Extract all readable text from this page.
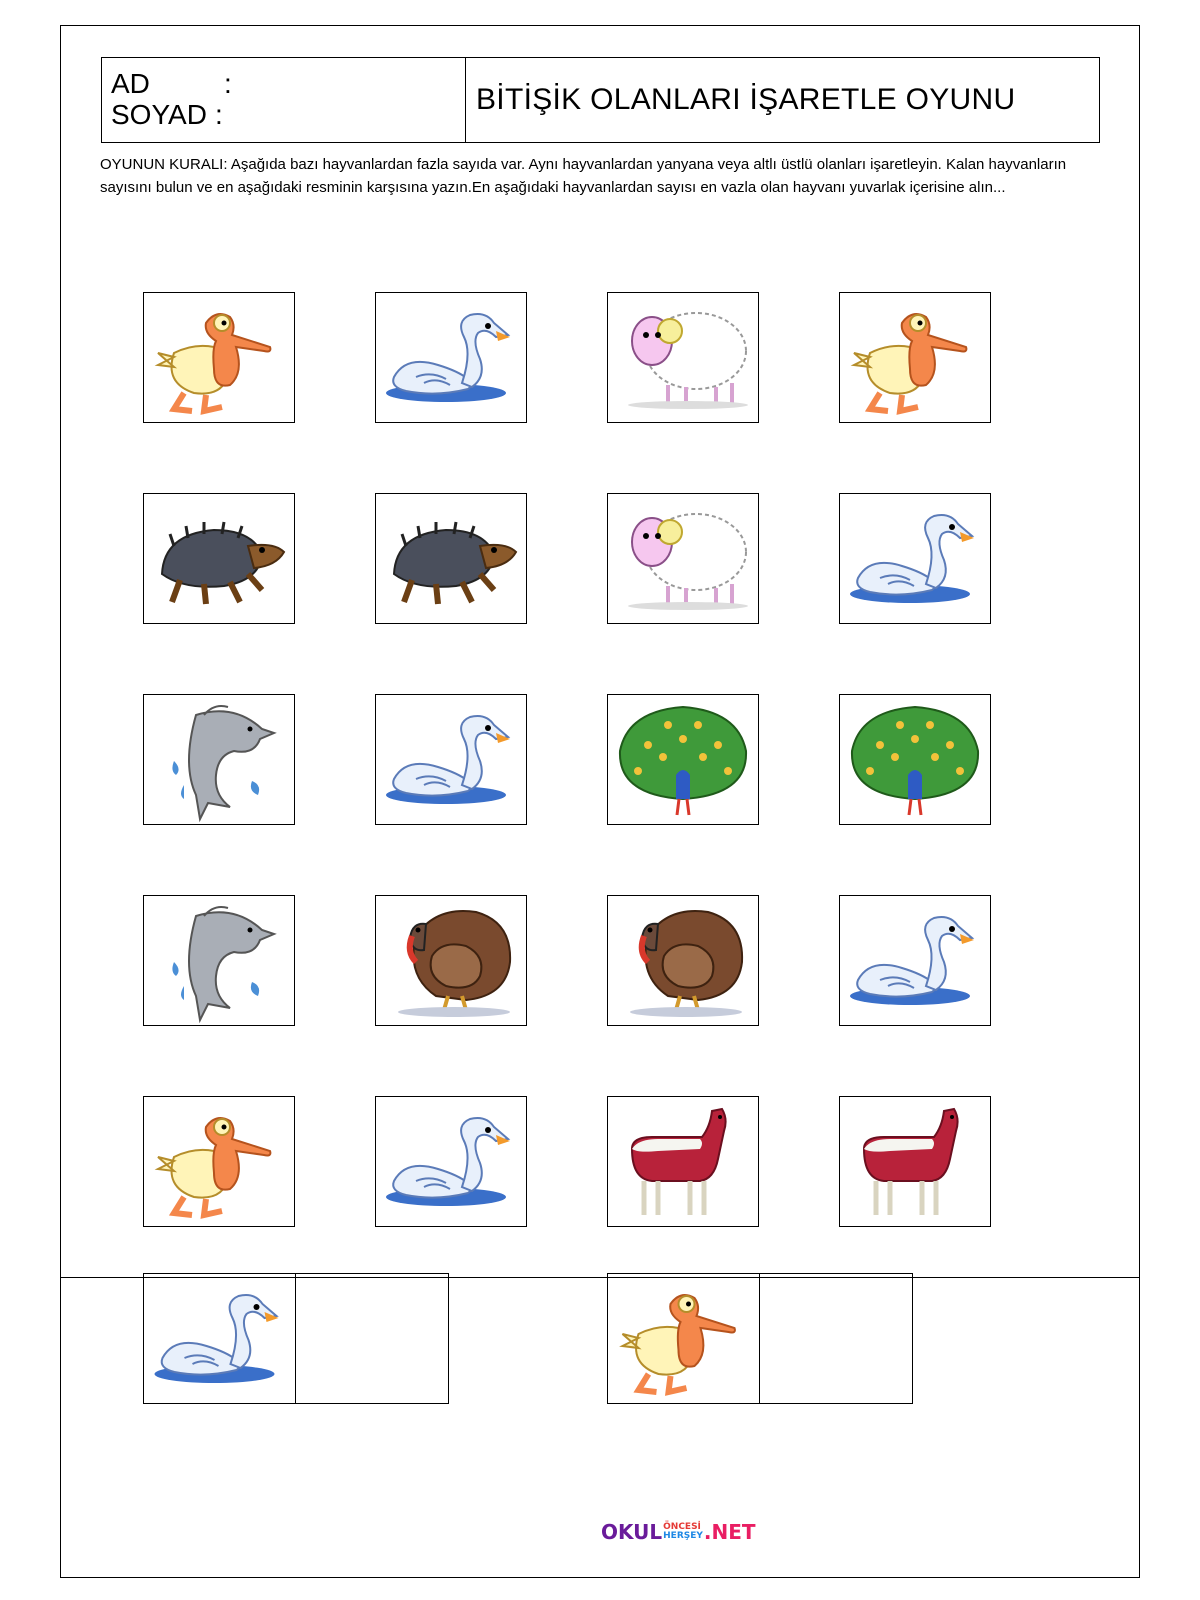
AD	:
SOYAD :	BİTİŞİK OLANLARI İŞARETLE OYUNU
OYUNUN KURALI: Aşağıda bazı hayvanlardan fazla sayıda var. Aynı hayvanlardan yanyana veya altlı üstlü olanları işaretleyin. Kalan hayvanların sayısını bulun ve en aşağıdaki resminin karşısına yazın.En aşağıdaki hayvanlardan sayısı en vazla olan hayvanı yuvarlak içerisine alın...
OKUL ÖNCESİ
HERŞEY .NET
